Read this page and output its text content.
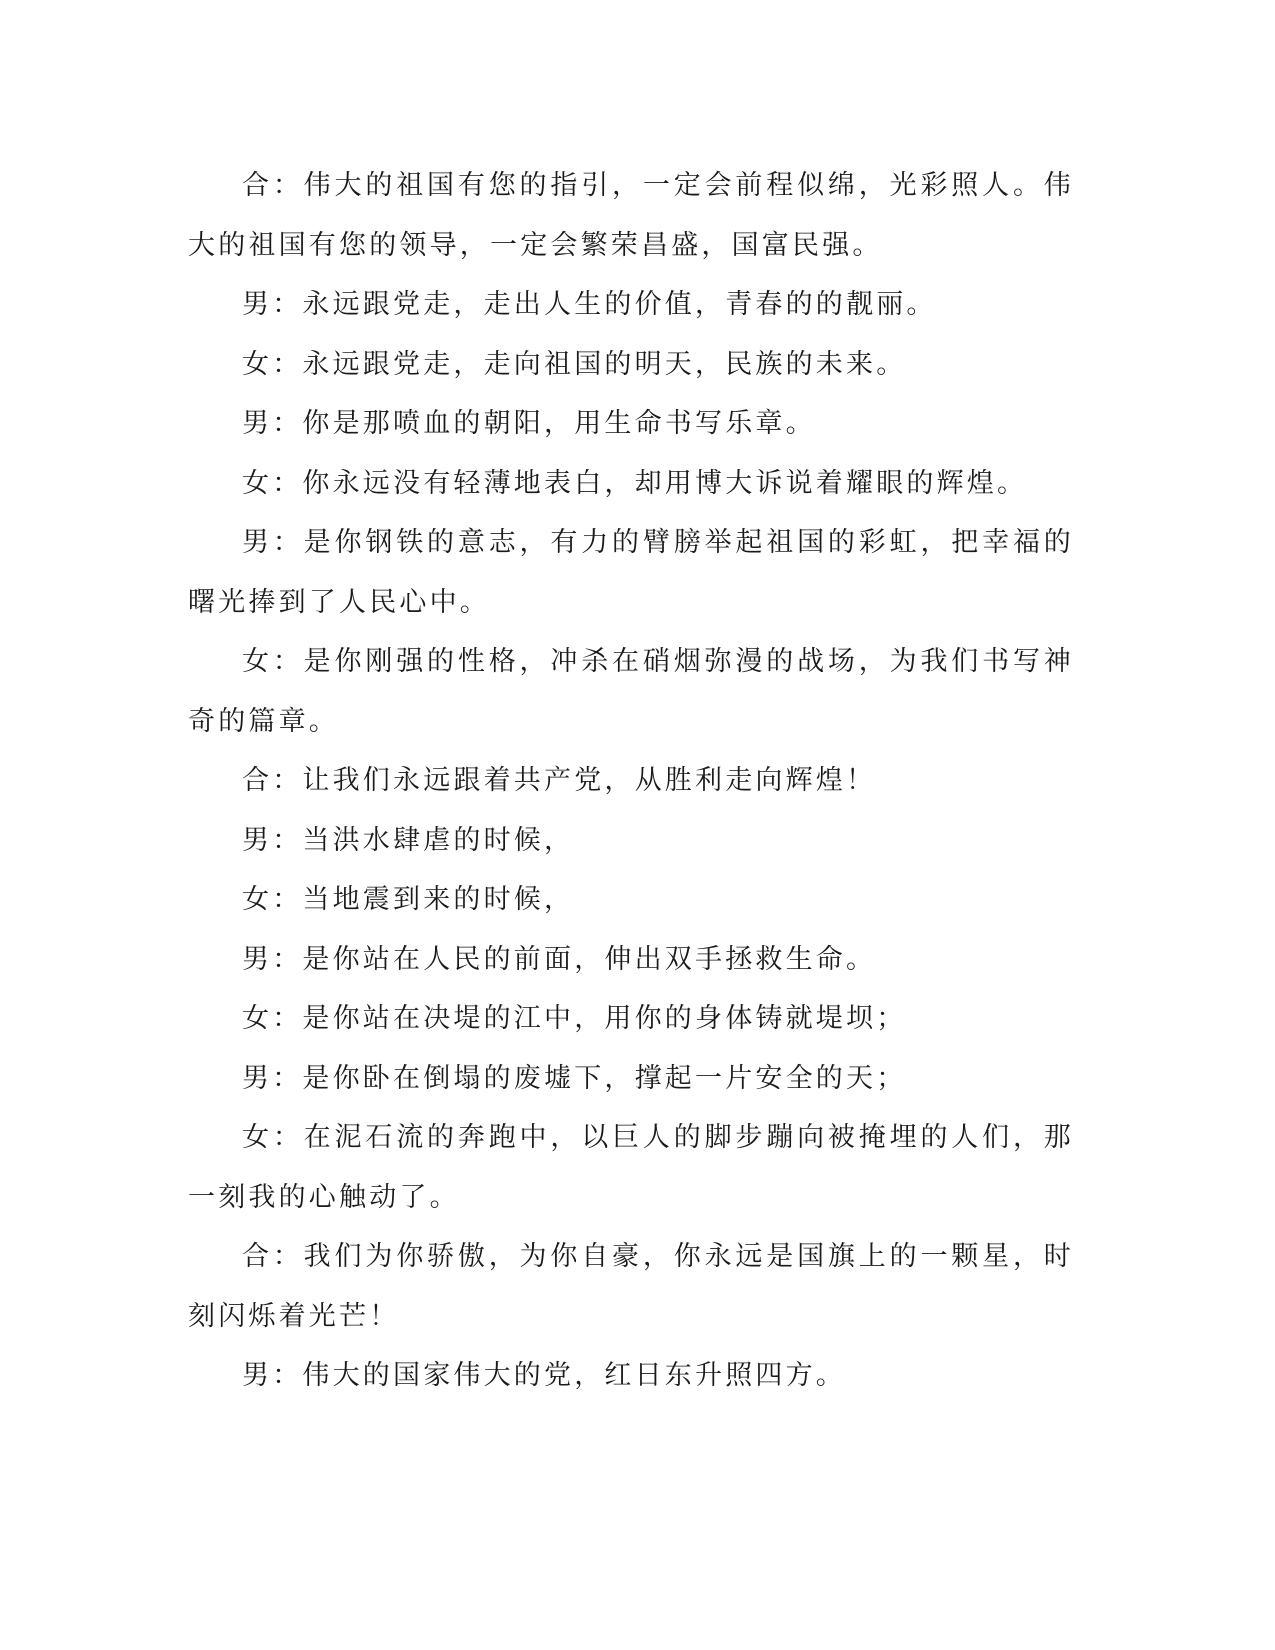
合：伟大的祖国有您的指引，一定会前程似绵，光彩照人。伟大的祖国有您的领导，一定会繁荣昌盛，国富民强。

男：永远跟党走，走出人生的价值，青春的的靓丽。

女：永远跟党走，走向祖国的明天，民族的未来。

男：你是那喷血的朝阳，用生命书写乐章。

女：你永远没有轻薄地表白，却用博大诉说着耀眼的辉煌。

男：是你钢铁的意志，有力的臂膀举起祖国的彩虹，把幸福的曙光捧到了人民心中。

女：是你刚强的性格，冲杀在硝烟弥漫的战场，为我们书写神奇的篇章。

合：让我们永远跟着共产党，从胜利走向辉煌！

男：当洪水肆虐的时候，

女：当地震到来的时候，

男：是你站在人民的前面，伸出双手拯救生命。

女：是你站在决堤的江中，用你的身体铸就堤坝；

男：是你卧在倒塌的废墟下，撑起一片安全的天；

女：在泥石流的奔跑中，以巨人的脚步蹦向被掩埋的人们，那一刻我的心触动了。

合：我们为你骄傲，为你自豪，你永远是国旗上的一颗星，时刻闪烁着光芒！

男：伟大的国家伟大的党，红日东升照四方。
